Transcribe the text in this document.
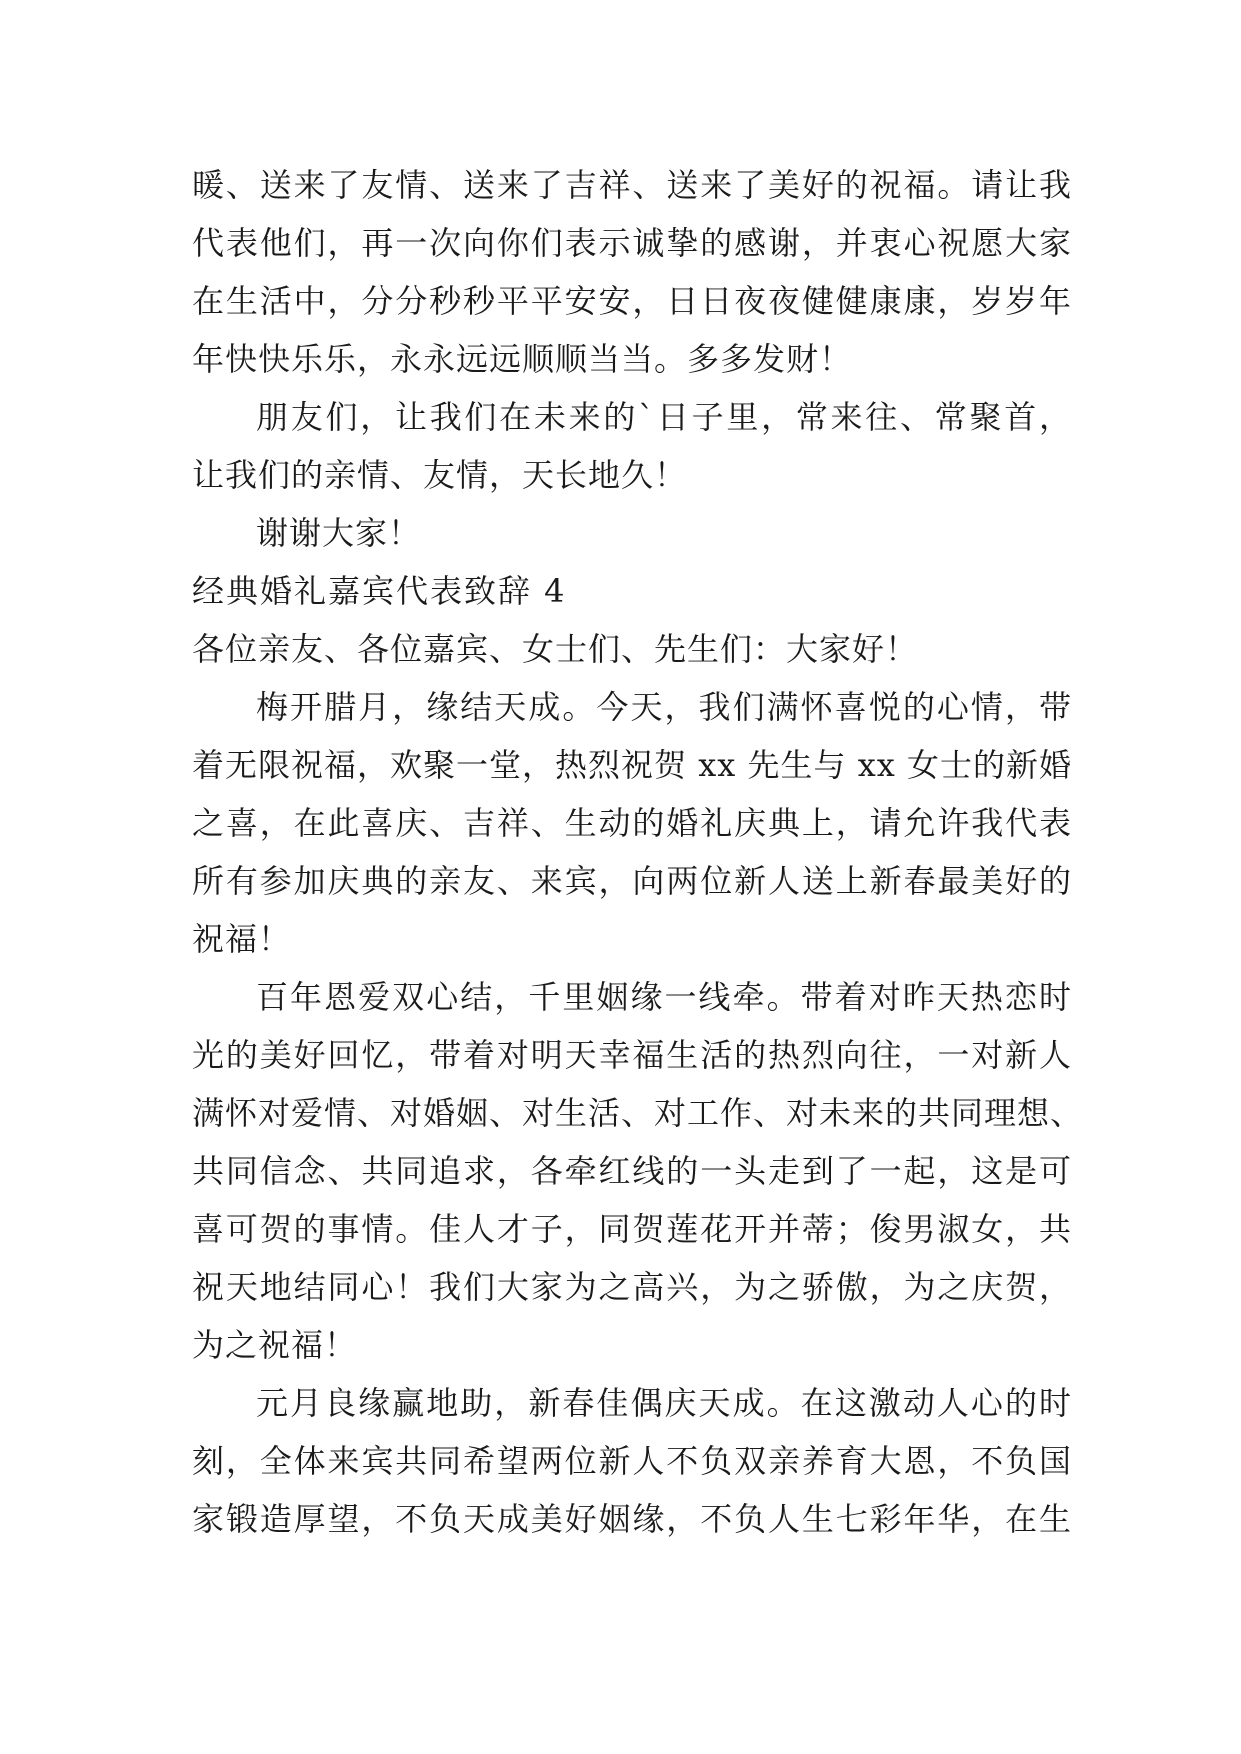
暖、送来了友情、送来了吉祥、送来了美好的祝福。请让我
代表他们，再一次向你们表示诚挚的感谢，并衷心祝愿大家
在生活中，分分秒秒平平安安，日日夜夜健健康康，岁岁年
年快快乐乐，永永远远顺顺当当。多多发财！
朋友们，让我们在未来的`日子里，常来往、常聚首，
让我们的亲情、友情，天长地久！
谢谢大家！
经典婚礼嘉宾代表致辞 4
各位亲友、各位嘉宾、女士们、先生们：大家好！
梅开腊月，缘结天成。今天，我们满怀喜悦的心情，带
着无限祝福，欢聚一堂，热烈祝贺 xx 先生与 xx 女士的新婚
之喜，在此喜庆、吉祥、生动的婚礼庆典上，请允许我代表
所有参加庆典的亲友、来宾，向两位新人送上新春最美好的
祝福！
百年恩爱双心结，千里姻缘一线牵。带着对昨天热恋时
光的美好回忆，带着对明天幸福生活的热烈向往，一对新人
满怀对爱情、对婚姻、对生活、对工作、对未来的共同理想、
共同信念、共同追求，各牵红线的一头走到了一起，这是可
喜可贺的事情。佳人才子，同贺莲花开并蒂；俊男淑女，共
祝天地结同心！我们大家为之高兴，为之骄傲，为之庆贺，
为之祝福！
元月良缘赢地助，新春佳偶庆天成。在这激动人心的时
刻，全体来宾共同希望两位新人不负双亲养育大恩，不负国
家锻造厚望，不负天成美好姻缘，不负人生七彩年华，在生
